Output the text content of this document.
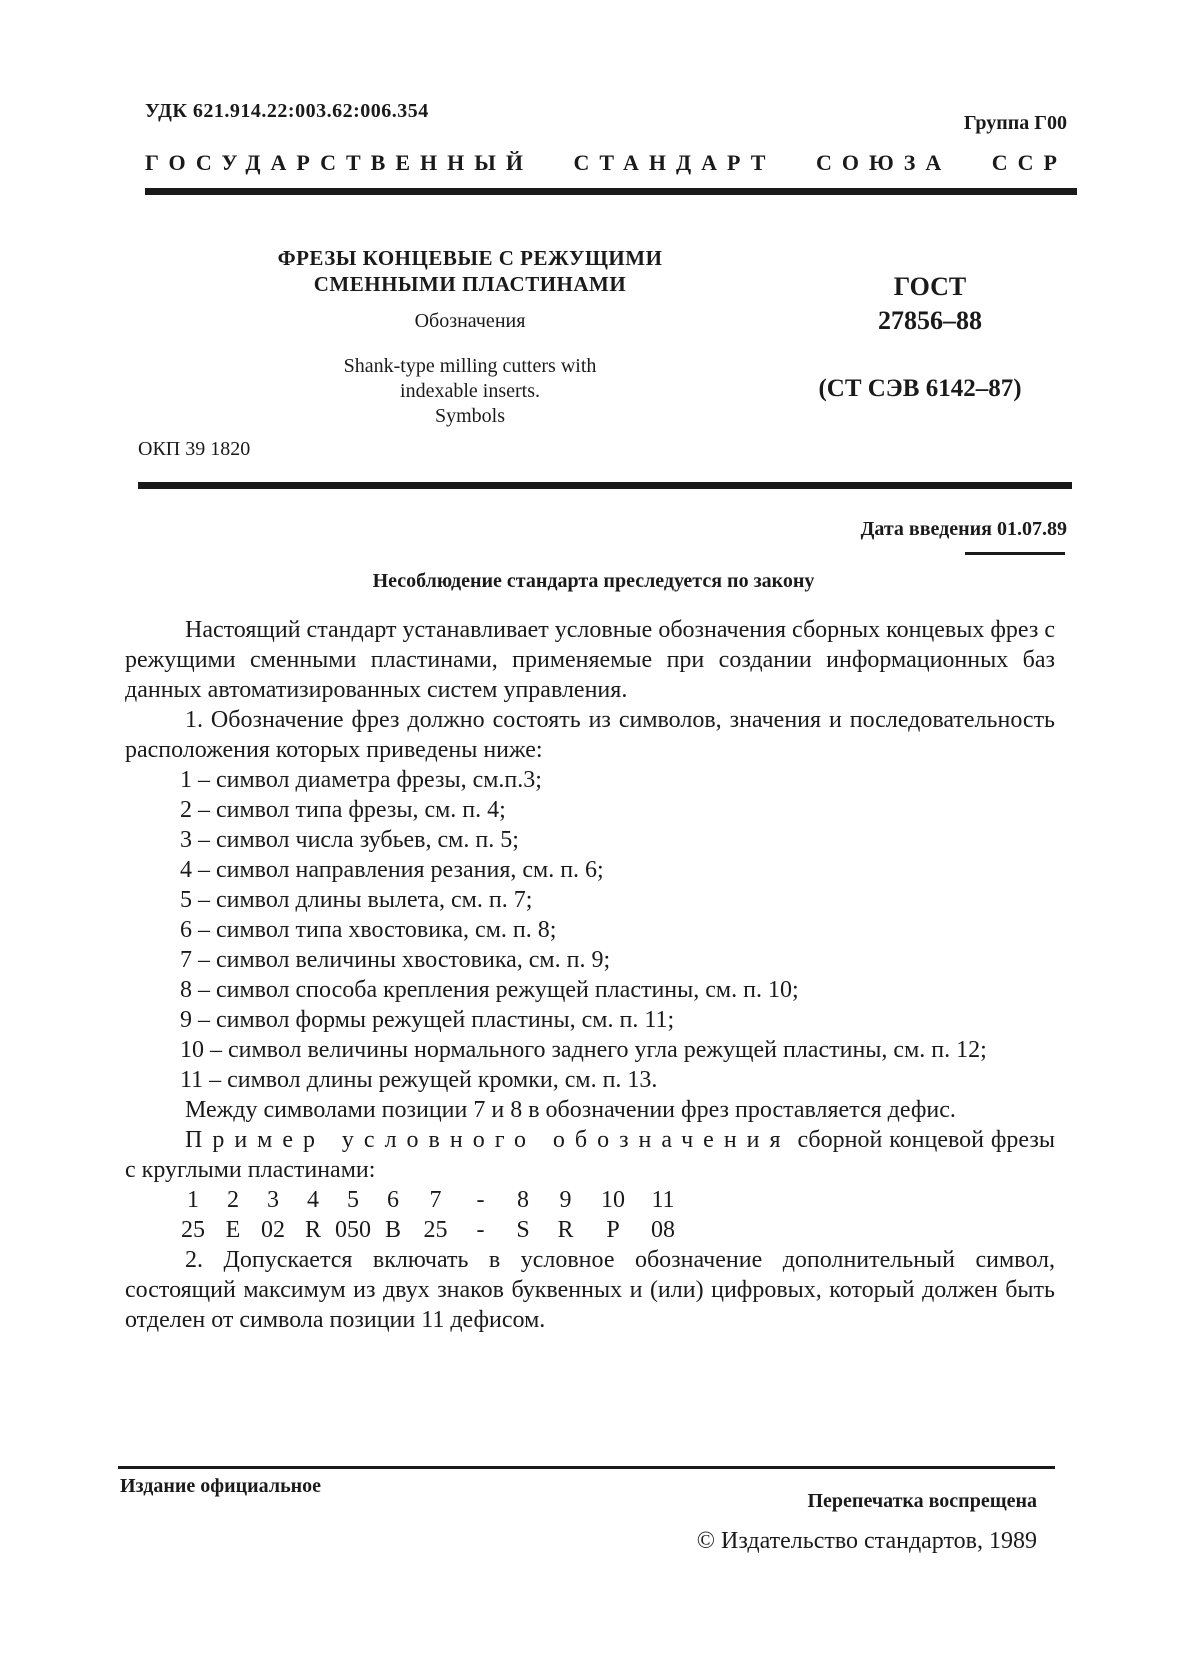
УДК 621.914.22:003.62:006.354
Группа Г00
ГОСУДАРСТВЕННЫЙ СТАНДАРТ СОЮЗА ССР
ФРЕЗЫ КОНЦЕВЫЕ С РЕЖУЩИМИ
СМЕННЫМИ ПЛАСТИНАМИ
Обозначения
Shank-type milling cutters with
indexable inserts.
Symbols
ГОСТ
27856–88
(СТ СЭВ 6142–87)
ОКП 39 1820
Дата введения 01.07.89
Несоблюдение стандарта преследуется по закону

Настоящий стандарт устанавливает условные обозначения сборных концевых фрез с режущими сменными пластинами, применяемые при создании информационных баз данных автоматизированных систем управления.

1. Обозначение фрез должно состоять из символов, значения и последовательность расположения которых приведены ниже:

1 – символ диаметра фрезы, см.п.3;

2 – символ типа фрезы, см. п. 4;

3 – символ числа зубьев, см. п. 5;

4 – символ направления резания, см. п. 6;

5 – символ длины вылета, см. п. 7;

6 – символ типа хвостовика, см. п. 8;

7 – символ величины хвостовика, см. п. 9;

8 – символ способа крепления режущей пластины, см. п. 10;

9 – символ формы режущей пластины, см. п. 11;

10 – символ величины нормального заднего угла режущей пластины, см. п. 12;

11 – символ длины режущей кромки, см. п. 13.

Между символами позиции 7 и 8 в обозначении фрез проставляется дефис.

Пример условного обозначения сборной концевой фрезы с круглыми пластинами:

1	2	3	4	5	6	7	-	8	9	10	11
25 E 02 R 050 B 25	-	S	R	P	08

2. Допускается включать в условное обозначение дополнительный символ, состоящий максимум из двух знаков буквенных и (или) цифровых, который должен быть отделен от символа позиции 11 дефисом.

Издание официальное
Перепечатка воспрещена
© Издательство стандартов, 1989
